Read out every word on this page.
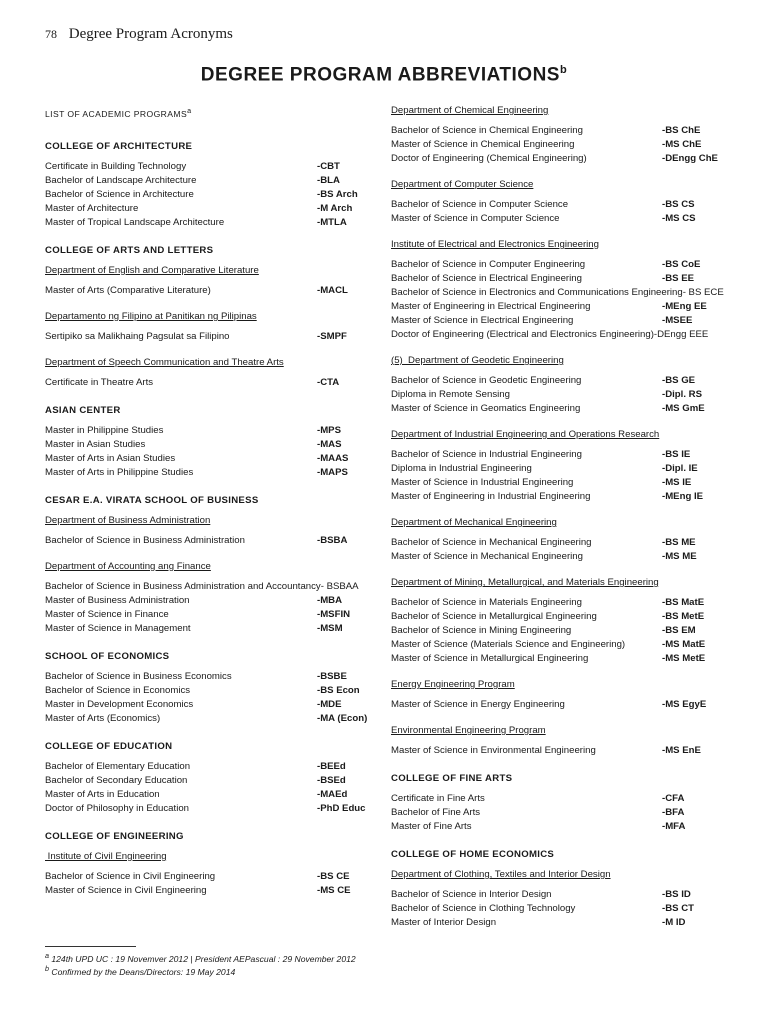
78 Degree Program Acronyms
DEGREE PROGRAM ABBREVIATIONS$^b$
LIST OF ACADEMIC PROGRAMS$^a$
COLLEGE OF ARCHITECTURE
Certificate in Building Technology	-CBT
Bachelor of Landscape Architecture	-BLA
Bachelor of Science in Architecture	-BS Arch
Master of Architecture	-M Arch
Master of Tropical Landscape Architecture	-MTLA
COLLEGE OF ARTS AND LETTERS
Department of English and Comparative Literature
Master of Arts (Comparative Literature)	-MACL
Departamento ng Filipino at Panitikan ng Pilipinas
Sertipiko sa Malikhaing Pagsulat sa Filipino	-SMPF
Department of Speech Communication and Theatre Arts
Certificate in Theatre Arts	-CTA
ASIAN CENTER
Master in Philippine Studies	-MPS
Master in Asian Studies	-MAS
Master of Arts in Asian Studies	-MAAS
Master of Arts in Philippine Studies	-MAPS
CESAR E.A. VIRATA SCHOOL OF BUSINESS
Department of Business Administration
Bachelor of Science in Business Administration	-BSBA
Department of Accounting ang Finance
Bachelor of Science in Business Administration and Accountancy- BSBAA
Master of Business Administration	-MBA
Master of Science in Finance	-MSFIN
Master of Science in Management	-MSM
SCHOOL OF ECONOMICS
Bachelor of Science in Business Economics	-BSBE
Bachelor of Science in Economics	-BS Econ
Master in Development Economics	-MDE
Master of Arts (Economics)	-MA (Econ)
COLLEGE OF EDUCATION
Bachelor of Elementary Education	-BEEd
Bachelor of Secondary Education	-BSEd
Master of Arts in Education	-MAEd
Doctor of Philosophy in Education	-PhD Educ
COLLEGE OF ENGINEERING
Institute of Civil Engineering
Bachelor of Science in Civil Engineering	-BS CE
Master of Science in Civil Engineering	-MS CE
Department of Chemical Engineering
Bachelor of Science in Chemical Engineering	-BS ChE
Master of Science in Chemical Engineering	-MS ChE
Doctor of Engineering (Chemical Engineering)	-DEngg ChE
Department of Computer Science
Bachelor of Science in Computer Science	-BS CS
Master of Science in Computer Science	-MS CS
Institute of Electrical and Electronics Engineering
Bachelor of Science in Computer Engineering	-BS CoE
Bachelor of Science in Electrical Engineering	-BS EE
Bachelor of Science in Electronics and Communications Engineering- BS ECE
Master of Engineering in Electrical Engineering	-MEng EE
Master of Science in Electrical Engineering	-MSEE
Doctor of Engineering (Electrical and Electronics Engineering)-DEngg EEE
(5)  Department of Geodetic Engineering
Bachelor of Science in Geodetic Engineering	-BS GE
Diploma in Remote Sensing	-Dipl. RS
Master of Science in Geomatics Engineering	-MS GmE
Department of Industrial Engineering and Operations Research
Bachelor of Science in Industrial Engineering	-BS IE
Diploma in Industrial Engineering	-Dipl. IE
Master of Science in Industrial Engineering	-MS IE
Master of Engineering in Industrial Engineering	-MEng IE
Department of Mechanical Engineering
Bachelor of Science in Mechanical Engineering	-BS ME
Master of Science in Mechanical Engineering	-MS ME
Department of Mining, Metallurgical, and Materials Engineering
Bachelor of Science in Materials Engineering	-BS MatE
Bachelor of Science in Metallurgical Engineering	-BS MetE
Bachelor of Science in Mining Engineering	-BS EM
Master of Science (Materials Science and Engineering)	-MS MatE
Master of Science in Metallurgical Engineering	-MS MetE
Energy Engineering Program
Master of Science in Energy Engineering	-MS EgyE
Environmental Engineering Program
Master of Science in Environmental Engineering	-MS EnE
COLLEGE OF FINE ARTS
Certificate in Fine Arts	-CFA
Bachelor of Fine Arts	-BFA
Master of Fine Arts	-MFA
COLLEGE OF HOME ECONOMICS
Department of Clothing, Textiles and Interior Design
Bachelor of Science in Interior Design	-BS ID
Bachelor of Science in Clothing Technology	-BS CT
Master of Interior Design	-M ID
$^a$ 124th UPD UC : 19 Novemver 2012 | President AEPascual : 29 November 2012
$^b$ Confirmed by the Deans/Directors: 19 May 2014
